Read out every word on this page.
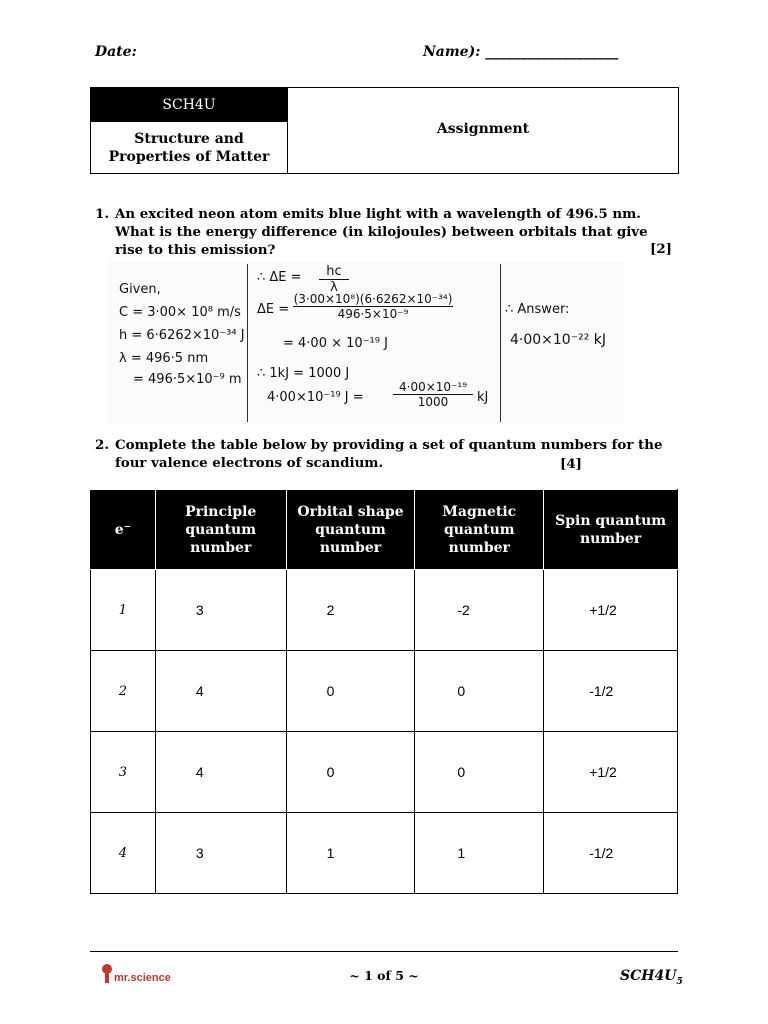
Date:	Name): ___________________
SCH4U
Structure and Properties of Matter
Assignment
1. An excited neon atom emits blue light with a wavelength of 496.5 nm. What is the energy difference (in kilojoules) between orbitals that give rise to this emission?	[2]
Given,
C = 3·00× 10⁸ m/s
h = 6·6262×10⁻³⁴ J
λ = 496·5 nm
= 496·5×10⁻⁹ m
∴ $\Delta E = \frac{hc}{\lambda}$
$\Delta E = \frac{\text{(3·00×10⁸)(6·6262×10⁻³⁴)}}{\text{496·5×10⁻⁹}}$
= 4·00 × 10⁻¹⁹ J
∴ 1kJ = 1000 J
4·00×10⁻¹⁹ $J = \frac{\text{4·00×10⁻¹⁹}}{1000}$ kJ
∴ Answer:
4·00×10⁻²² kJ
2. Complete the table below by providing a set of quantum numbers for the four valence electrons of scandium.	[4]
e⁻	Principle quantum number	Orbital shape quantum number	Magnetic quantum number	Spin quantum number
1	3	2	-2	+1/2
2	4	0	0	-1/2
3	4	0	0	+1/2
4	3	1	1	-1/2
mr.science	~ 1 of 5 ~	$SCH4U_5$
